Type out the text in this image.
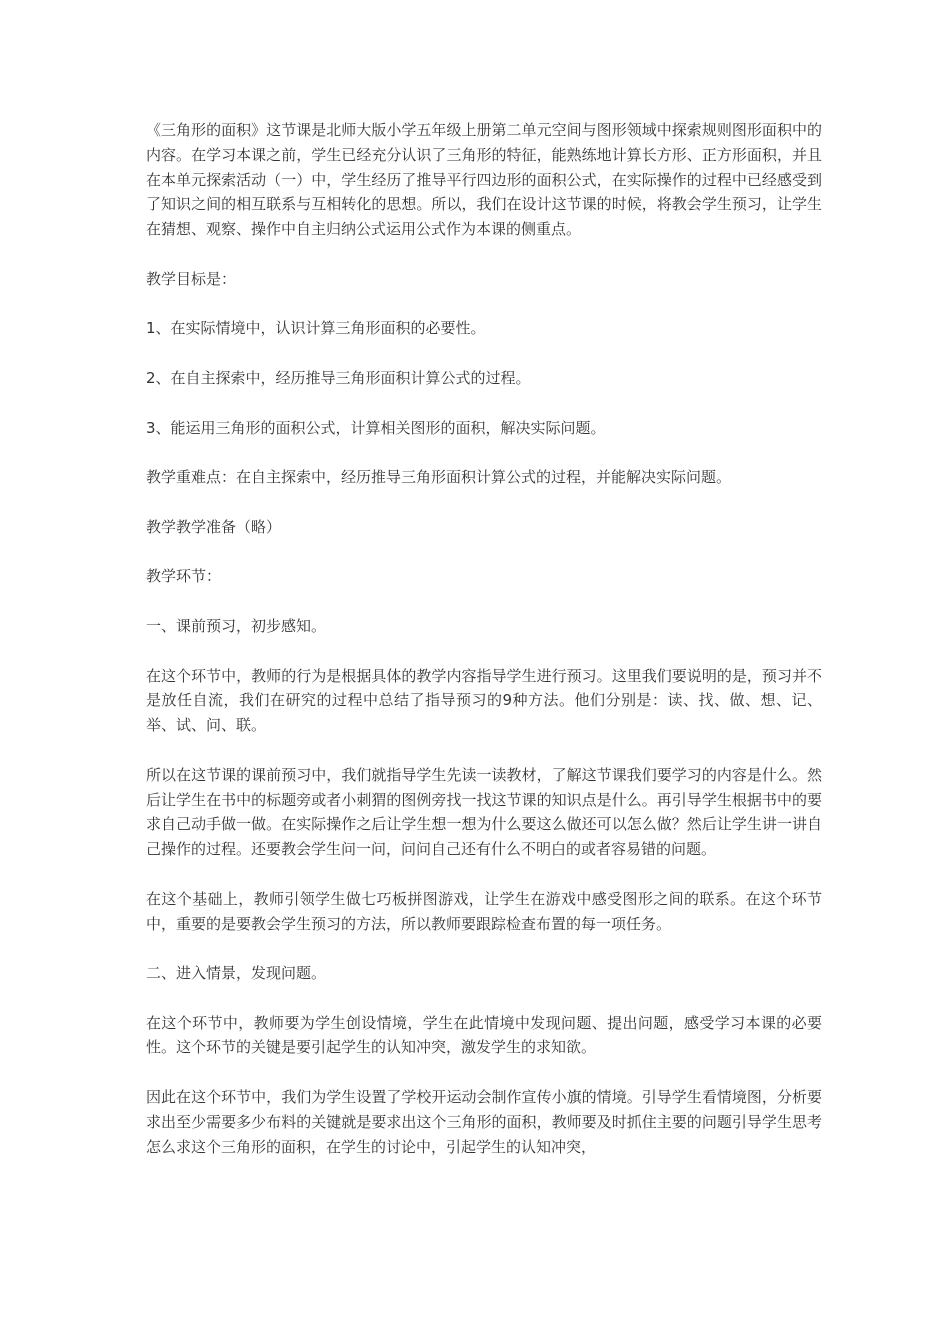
《三角形的面积》这节课是北师大版小学五年级上册第二单元空间与图形领域中探索规则图形面积中的内容。在学习本课之前，学生已经充分认识了三角形的特征，能熟练地计算长方形、正方形面积，并且在本单元探索活动（一）中，学生经历了推导平行四边形的面积公式，在实际操作的过程中已经感受到了知识之间的相互联系与互相转化的思想。所以，我们在设计这节课的时候，将教会学生预习，让学生在猜想、观察、操作中自主归纳公式运用公式作为本课的侧重点。

教学目标是：

1、在实际情境中，认识计算三角形面积的必要性。

2、在自主探索中，经历推导三角形面积计算公式的过程。

3、能运用三角形的面积公式，计算相关图形的面积，解决实际问题。

教学重难点：在自主探索中，经历推导三角形面积计算公式的过程，并能解决实际问题。

教学教学准备（略）

教学环节：

一、课前预习，初步感知。

在这个环节中，教师的行为是根据具体的教学内容指导学生进行预习。这里我们要说明的是，预习并不是放任自流，我们在研究的过程中总结了指导预习的9种方法。他们分别是：读、找、做、想、记、举、试、问、联。

所以在这节课的课前预习中，我们就指导学生先读一读教材，了解这节课我们要学习的内容是什么。然后让学生在书中的标题旁或者小刺猬的图例旁找一找这节课的知识点是什么。再引导学生根据书中的要求自己动手做一做。在实际操作之后让学生想一想为什么要这么做还可以怎么做？然后让学生讲一讲自己操作的过程。还要教会学生问一问，问问自己还有什么不明白的或者容易错的问题。

在这个基础上，教师引领学生做七巧板拼图游戏，让学生在游戏中感受图形之间的联系。在这个环节中，重要的是要教会学生预习的方法，所以教师要跟踪检查布置的每一项任务。

二、进入情景，发现问题。

在这个环节中，教师要为学生创设情境，学生在此情境中发现问题、提出问题，感受学习本课的必要性。这个环节的关键是要引起学生的认知冲突，激发学生的求知欲。

因此在这个环节中，我们为学生设置了学校开运动会制作宣传小旗的情境。引导学生看情境图，分析要求出至少需要多少布料的关键就是要求出这个三角形的面积，教师要及时抓住主要的问题引导学生思考怎么求这个三角形的面积，在学生的讨论中，引起学生的认知冲突，
